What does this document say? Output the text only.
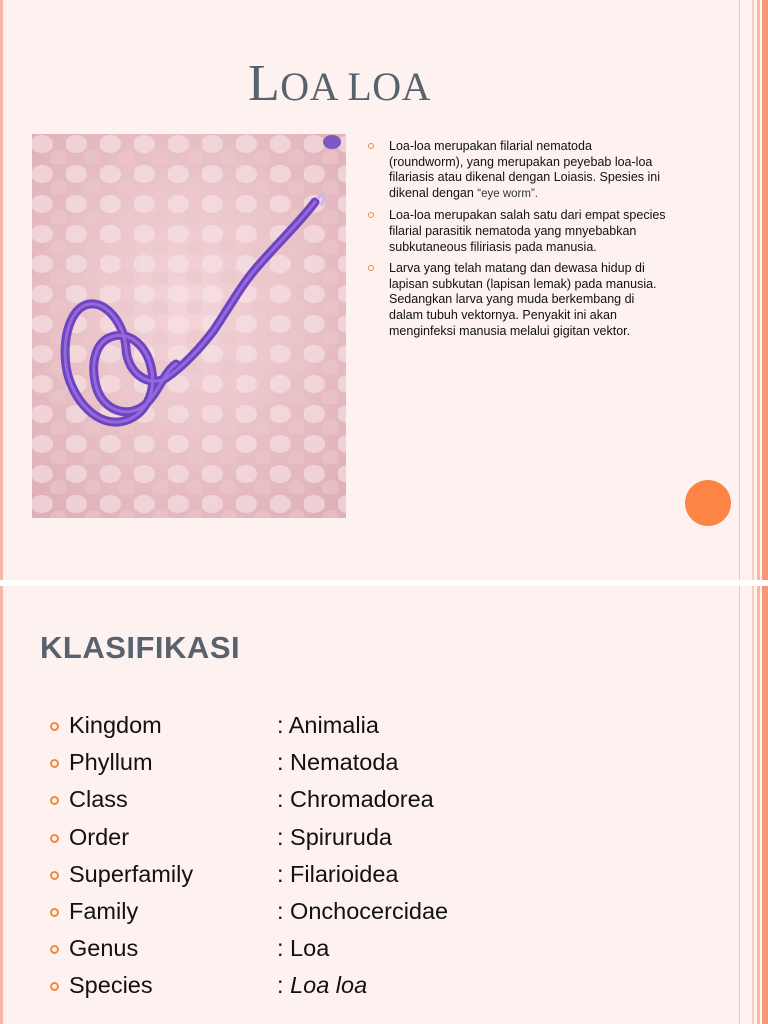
LOA LOA
Loa-loa merupakan filarial nematoda (roundworm), yang merupakan peyebab loa-loa filariasis atau dikenal dengan Loiasis. Spesies ini dikenal dengan “eye worm”.
Loa-loa merupakan salah satu dari empat species filarial parasitik nematoda yang mnyebabkan subkutaneous filiriasis pada manusia.
Larva yang telah matang dan dewasa hidup di lapisan subkutan (lapisan lemak) pada manusia. Sedangkan larva yang muda berkembang di dalam tubuh vektornya. Penyakit ini akan menginfeksi manusia melalui gigitan vektor.
KLASIFIKASI
Kingdom	: Animalia
Phyllum	: Nematoda
Class	: Chromadorea
Order	: Spiruruda
Superfamily	: Filarioidea
Family	: Onchocercidae
Genus	: Loa
Species	: Loa loa
